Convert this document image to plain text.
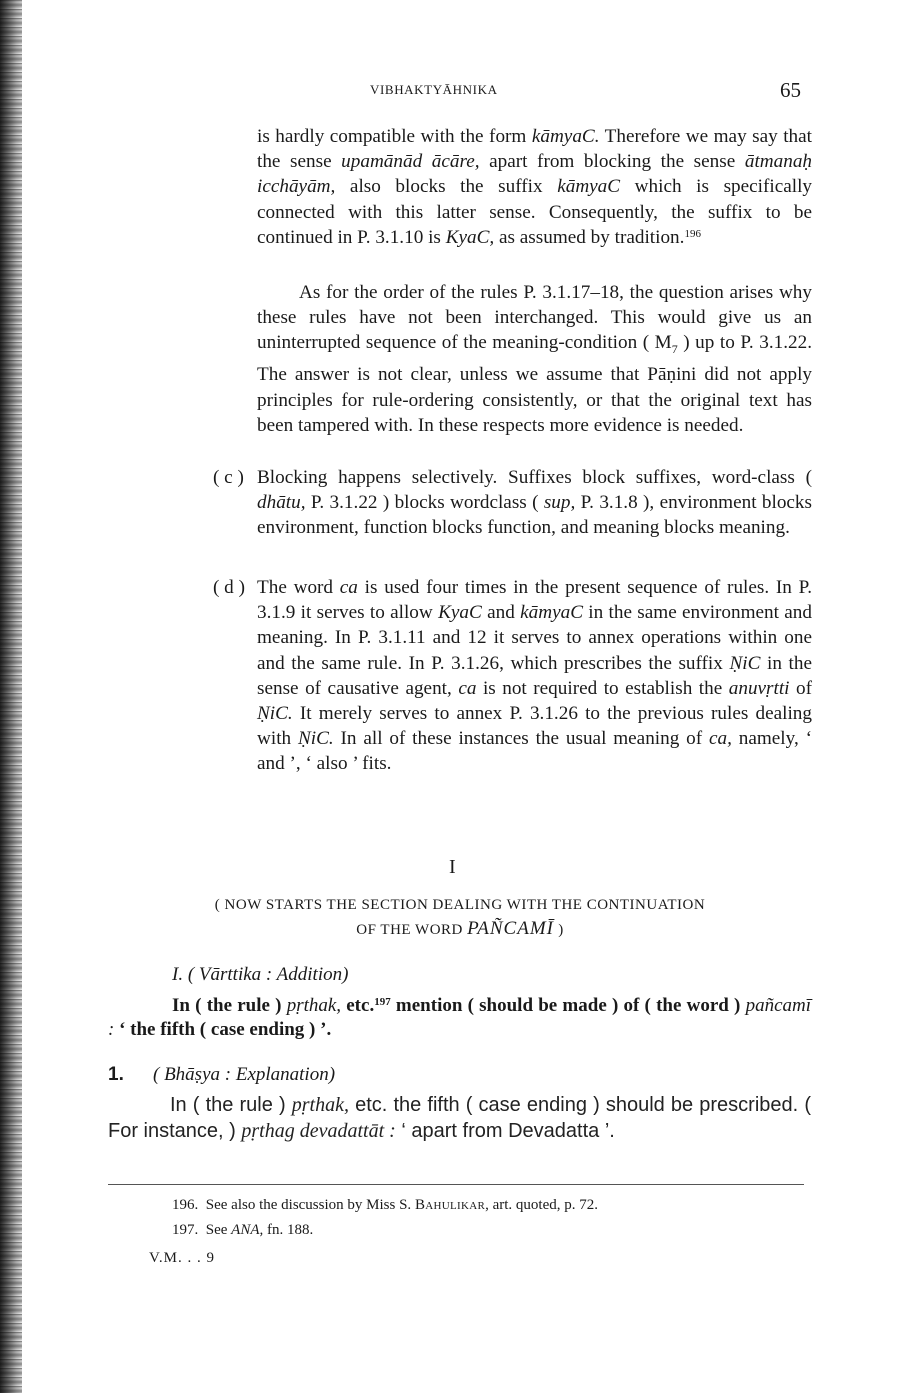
VIBHAKTYĀHNIKA	65

is hardly compatible with the form kāmyaC. Therefore we may say that the sense upamānād ācāre, apart from blocking the sense ātmanaḥ icchāyām, also blocks the suffix kāmyaC which is specifically connected with this latter sense. Consequently, the suffix to be continued in P. 3.1.10 is KyaC, as assumed by tradition.$^{196}$

As for the order of the rules P. 3.1.17–18, the question arises why these rules have not been interchanged. This would give us an uninterrupted sequence of the meaning-condition ( $M_7$ ) up to P. 3.1.22. The answer is not clear, unless we assume that Pāṇini did not apply principles for rule-ordering consistently, or that the original text has been tampered with. In these respects more evidence is needed.

( c ) Blocking happens selectively. Suffixes block suffixes, word-class ( dhātu, P. 3.1.22 ) blocks wordclass ( sup, P. 3.1.8 ), environment blocks environment, function blocks function, and meaning blocks meaning.

( d ) The word ca is used four times in the present sequence of rules. In P. 3.1.9 it serves to allow KyaC and kāmyaC in the same environment and meaning. In P. 3.1.11 and 12 it serves to annex operations within one and the same rule. In P. 3.1.26, which prescribes the suffix ṆiC in the sense of causative agent, ca is not required to establish the anuvṛtti of ṆiC. It merely serves to annex P. 3.1.26 to the previous rules dealing with ṆiC. In all of these instances the usual meaning of ca, namely, ‘ and ’, ‘ also ’ fits.

I
( NOW STARTS THE SECTION DEALING WITH THE CONTINUATION
OF THE WORD PAÑCAMĪ )
I. ( Vārttika : Addition)

In ( the rule ) pṛthak, etc.$^{197}$ mention ( should be made ) of ( the word ) pañcamī : ‘ the fifth ( case ending ) ’.

1. ( Bhāṣya : Explanation)

In ( the rule ) pṛthak, etc. the fifth ( case ending ) should be prescribed. ( For instance, ) pṛthag devadattāt : ‘ apart from Devadatta ’.

196. See also the discussion by Miss S. Bahulikar, art. quoted, p. 72.
197. See ANA, fn. 188.
V.M. . . 9
